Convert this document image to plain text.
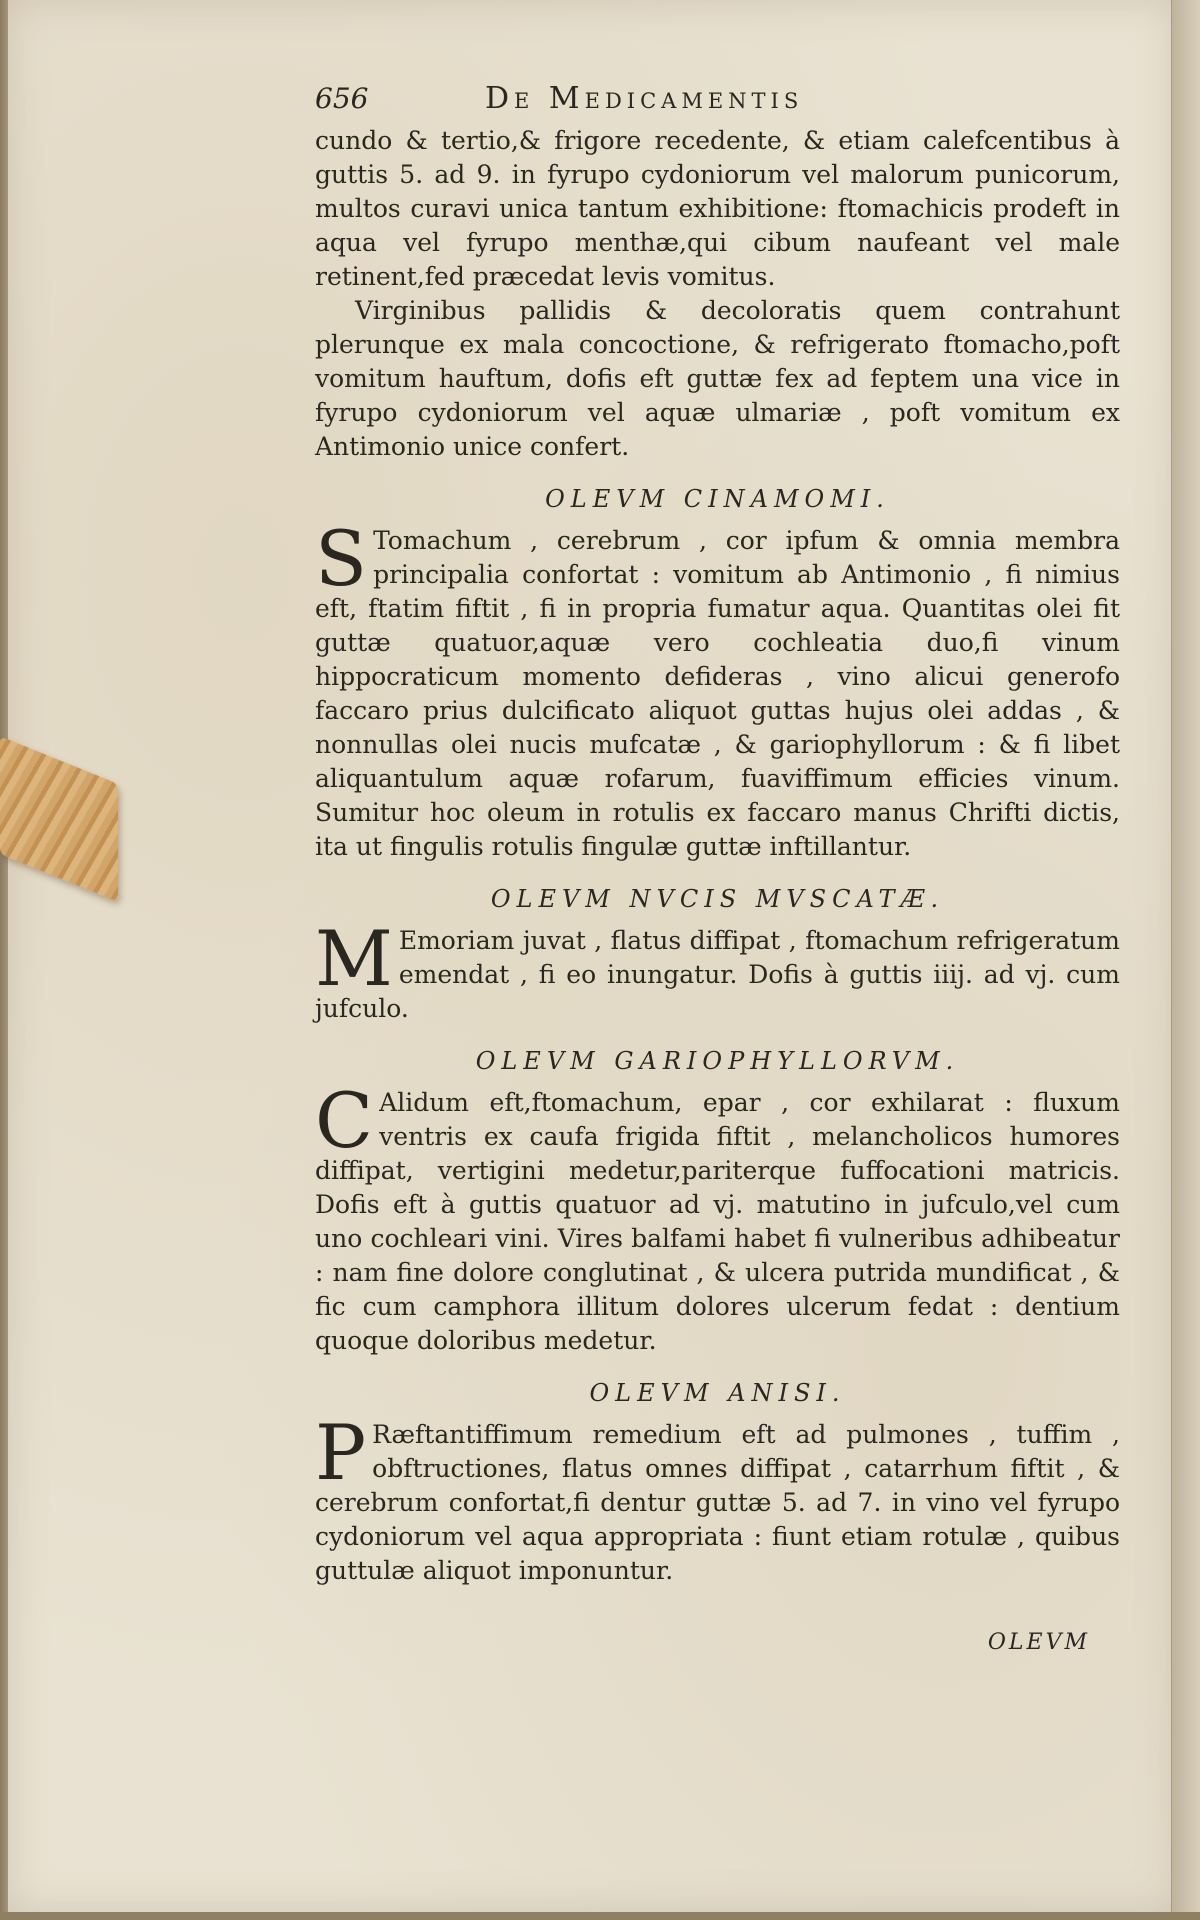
656	De Medicamentis

cundo & tertio,& frigore recedente, & etiam calefcentibus à guttis 5. ad 9. in fyrupo cydoniorum vel malorum punicorum, multos curavi unica tantum exhibitione: ftomachicis prodeft in aqua vel fyrupo menthæ,qui cibum naufeant vel male retinent,fed præcedat levis vomitus.

Virginibus pallidis & decoloratis quem contrahunt plerunque ex mala concoctione, & refrigerato ftomacho,poft vomitum hauftum, dofis eft guttæ fex ad feptem una vice in fyrupo cydoniorum vel aquæ ulmariæ , poft vomitum ex Antimonio unice confert.

OLEVM CINAMOMI.

S Tomachum , cerebrum , cor ipfum & omnia membra principalia confortat : vomitum ab Antimonio , fi nimius eft, ftatim fiftit , fi in propria fumatur aqua. Quantitas olei fit guttæ quatuor,aquæ vero cochleatia duo,fi vinum hippocraticum momento defideras , vino alicui generofo faccaro prius dulcificato aliquot guttas hujus olei addas , & nonnullas olei nucis mufcatæ , & gariophyllorum : & fi libet aliquantulum aquæ rofarum, fuaviffimum efficies vinum. Sumitur hoc oleum in rotulis ex faccaro manus Chrifti dictis, ita ut fingulis rotulis fingulæ guttæ inftillantur.

OLEVM NVCIS MVSCATÆ.

M Emoriam juvat , flatus diffipat , ftomachum refrigeratum emendat , fi eo inungatur. Dofis à guttis iiij. ad vj. cum jufculo.

OLEVM GARIOPHYLLORVM.

C Alidum eft,ftomachum, epar , cor exhilarat : fluxum ventris ex caufa frigida fiftit , melancholicos humores diffipat, vertigini medetur,pariterque fuffocationi matricis. Dofis eft à guttis quatuor ad vj. matutino in jufculo,vel cum uno cochleari vini. Vires balfami habet fi vulneribus adhibeatur : nam fine dolore conglutinat , & ulcera putrida mundificat , & fic cum camphora illitum dolores ulcerum fedat : dentium quoque doloribus medetur.

OLEVM ANISI.

P Ræftantiffimum remedium eft ad pulmones , tuffim , obftructiones, flatus omnes diffipat , catarrhum fiftit , & cerebrum confortat,fi dentur guttæ 5. ad 7. in vino vel fyrupo cydoniorum vel aqua appropriata : fiunt etiam rotulæ , quibus guttulæ aliquot imponuntur.

OLEVM
